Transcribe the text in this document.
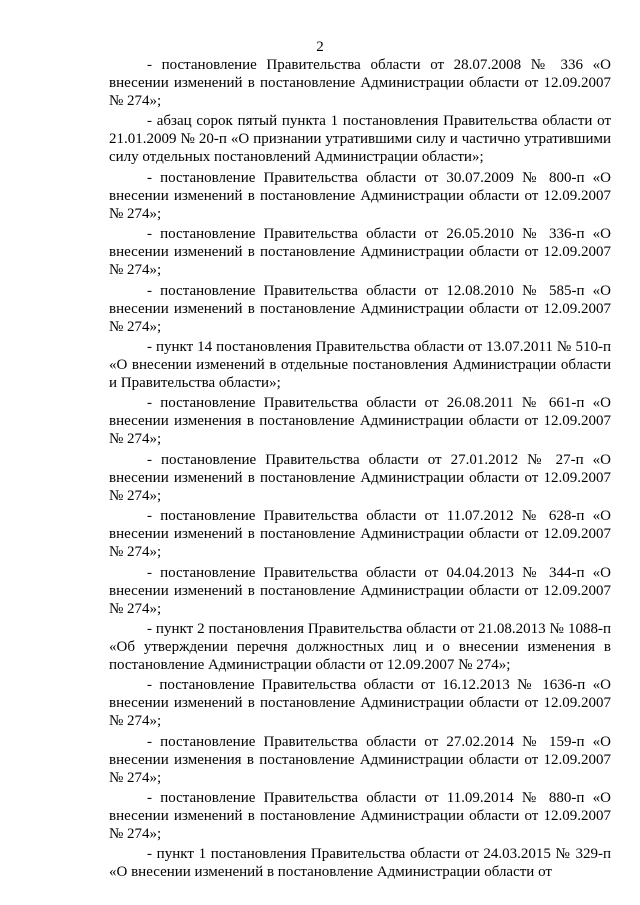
2

- постановление Правительства области от 28.07.2008 № 336 «О внесении изменений в постановление Администрации области от 12.09.2007 № 274»;

- абзац сорок пятый пункта 1 постановления Правительства области от 21.01.2009 № 20-п «О признании утратившими силу и частично утратившими силу отдельных постановлений Администрации области»;

- постановление Правительства области от 30.07.2009 № 800-п «О внесении изменений в постановление Администрации области от 12.09.2007 № 274»;

- постановление Правительства области от 26.05.2010 № 336-п «О внесении изменений в постановление Администрации области от 12.09.2007 № 274»;

- постановление Правительства области от 12.08.2010 № 585-п «О внесении изменений в постановление Администрации области от 12.09.2007 № 274»;

- пункт 14 постановления Правительства области от 13.07.2011 № 510-п «О внесении изменений в отдельные постановления Администрации области и Правительства области»;

- постановление Правительства области от 26.08.2011 № 661-п «О внесении изменения в постановление Администрации области от 12.09.2007 № 274»;

- постановление Правительства области от 27.01.2012 № 27-п «О внесении изменений в постановление Администрации области от 12.09.2007 № 274»;

- постановление Правительства области от 11.07.2012 № 628-п «О внесении изменений в постановление Администрации области от 12.09.2007 № 274»;

- постановление Правительства области от 04.04.2013 № 344-п «О внесении изменений в постановление Администрации области от 12.09.2007 № 274»;

- пункт 2 постановления Правительства области от 21.08.2013 № 1088-п «Об утверждении перечня должностных лиц и о внесении изменения в постановление Администрации области от 12.09.2007 № 274»;

- постановление Правительства области от 16.12.2013 № 1636-п «О внесении изменений в постановление Администрации области от 12.09.2007 № 274»;

- постановление Правительства области от 27.02.2014 № 159-п «О внесении изменения в постановление Администрации области от 12.09.2007 № 274»;

- постановление Правительства области от 11.09.2014 № 880-п «О внесении изменений в постановление Администрации области от 12.09.2007 № 274»;

- пункт 1 постановления Правительства области от 24.03.2015 № 329-п «О внесении изменений в постановление Администрации области от
